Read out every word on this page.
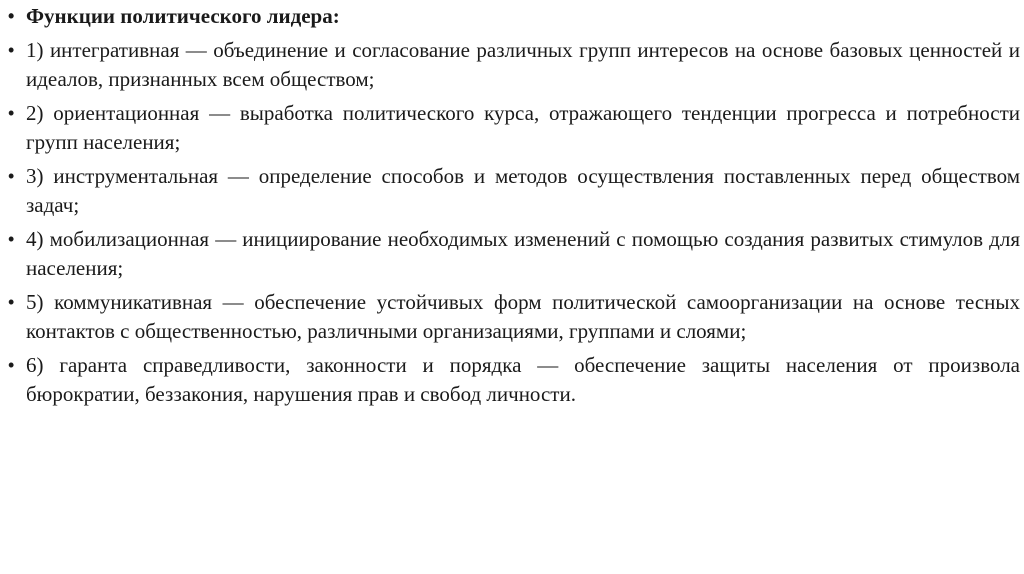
• Функции политического лидера:
• 1) интегративная — объединение и согласование различных групп интересов на основе базовых ценностей и идеалов, признанных всем обществом;
• 2) ориентационная — выработка политического курса, отражающего тенденции прогресса и потребности групп населения;
• 3) инструментальная — определение способов и методов осуществления поставленных перед обществом задач;
• 4) мобилизационная — инициирование необходимых изменений с помощью создания развитых стимулов для населения;
• 5) коммуникативная — обеспечение устойчивых форм политической самоорганизации на основе тесных контактов с общественностью, различными организациями, группами и слоями;
• 6) гаранта справедливости, законности и порядка — обеспечение защиты населения от произвола бюрократии, беззакония, нарушения прав и свобод личности.
